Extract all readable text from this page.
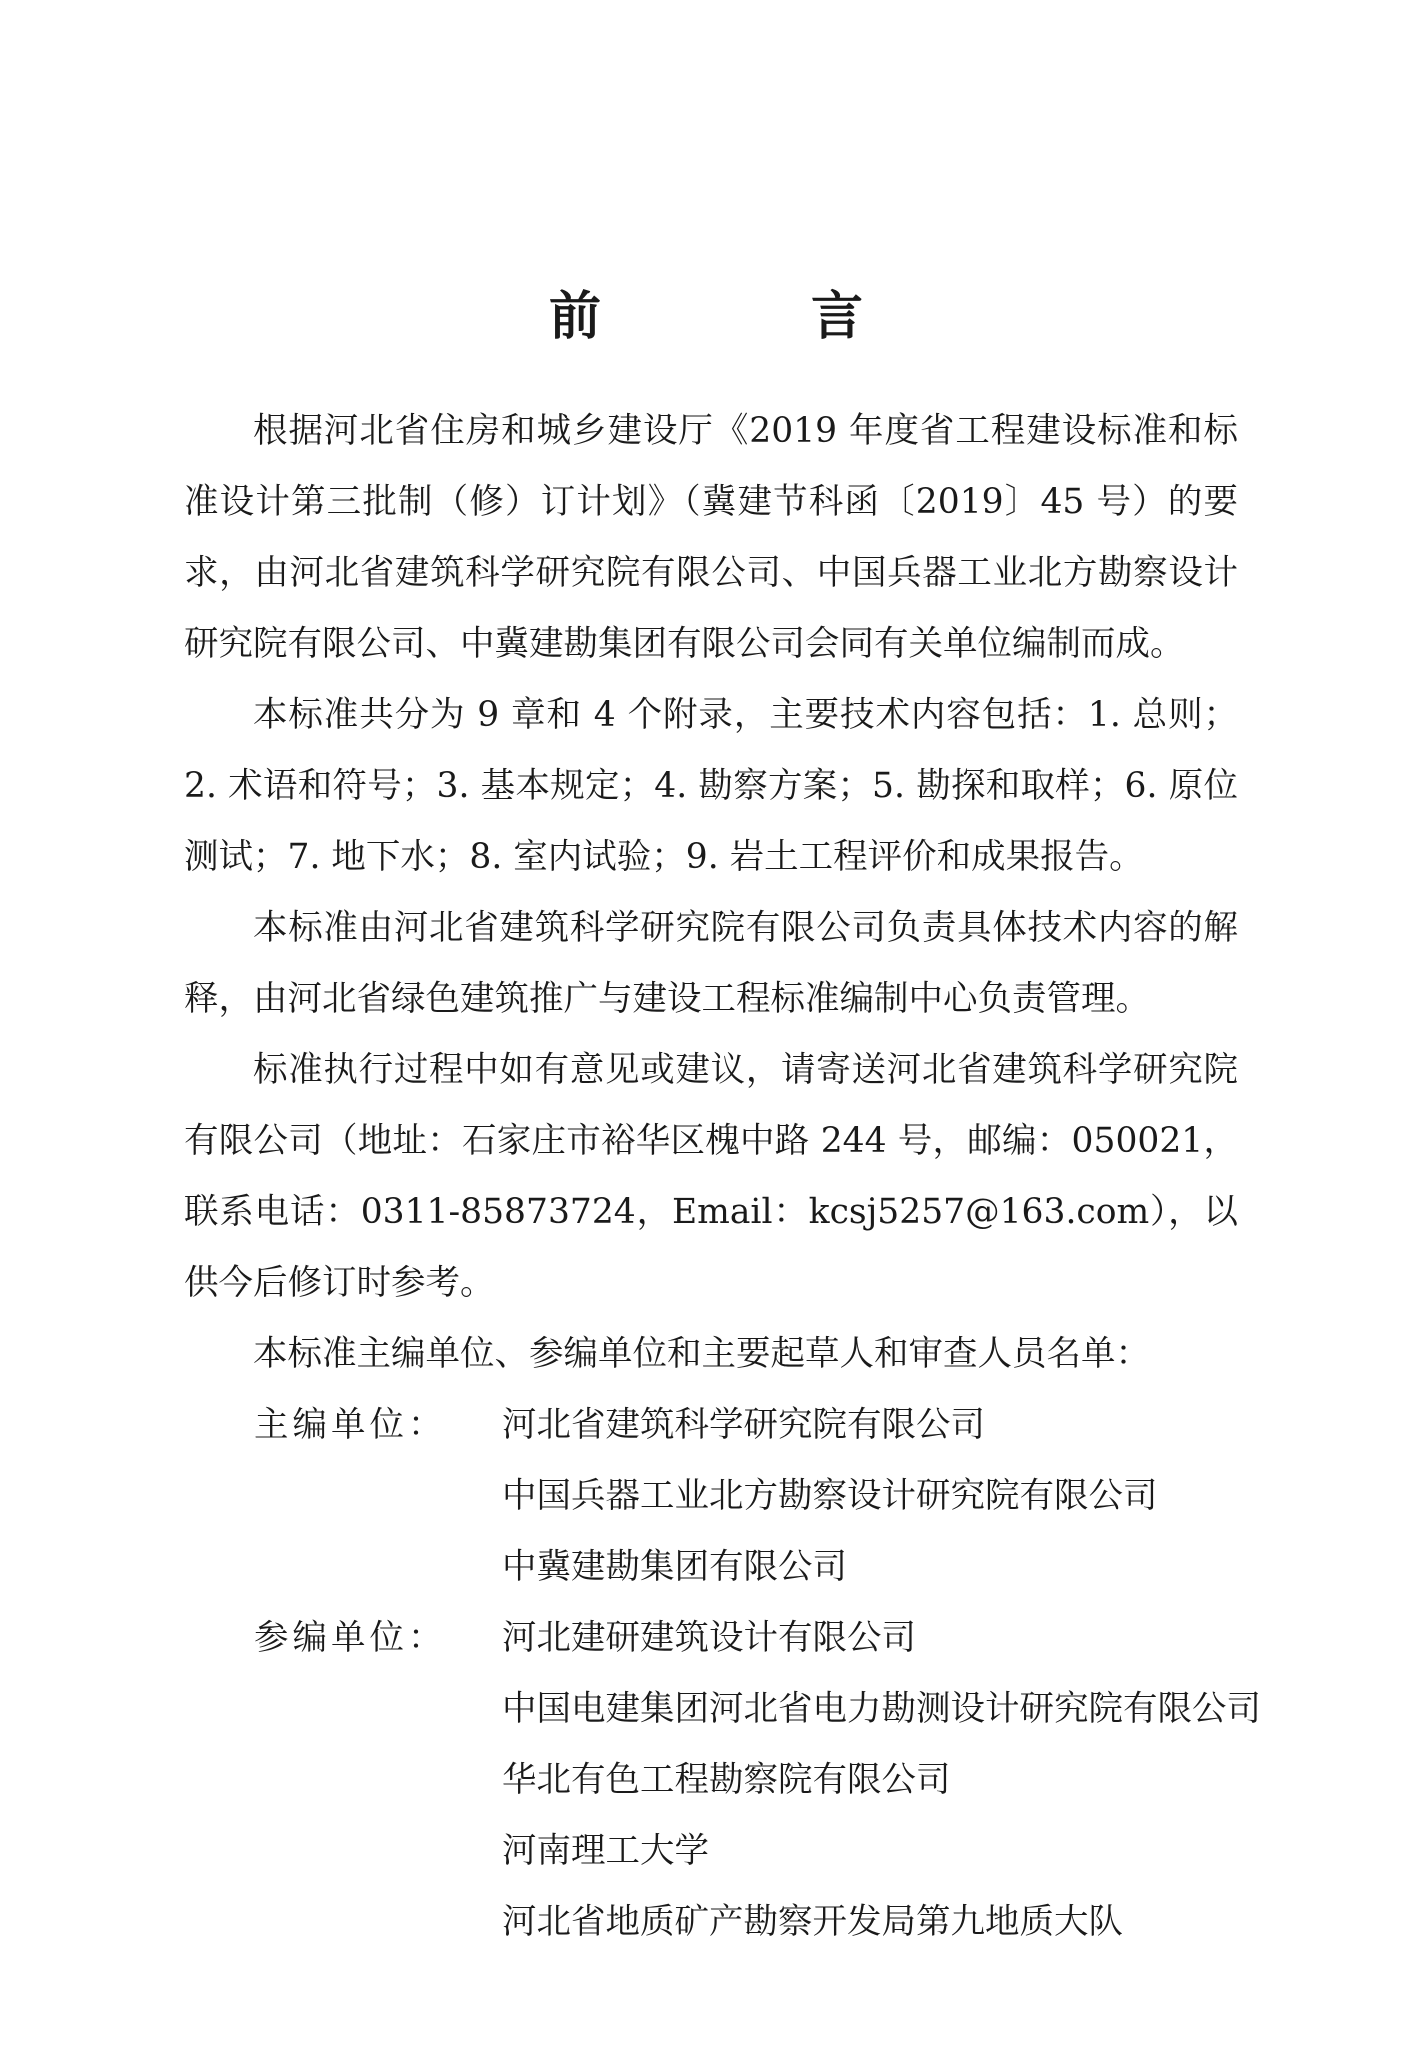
前 言

根据河北省住房和城乡建设厅《2019 年度省工程建设标准和标准设计第三批制（修）订计划》（冀建节科函〔2019〕45 号）的要求，由河北省建筑科学研究院有限公司、中国兵器工业北方勘察设计研究院有限公司、中冀建勘集团有限公司会同有关单位编制而成。

本标准共分为 9 章和 4 个附录，主要技术内容包括：1. 总则；2. 术语和符号；3. 基本规定；4. 勘察方案；5. 勘探和取样；6. 原位测试；7. 地下水；8. 室内试验；9. 岩土工程评价和成果报告。

本标准由河北省建筑科学研究院有限公司负责具体技术内容的解释，由河北省绿色建筑推广与建设工程标准编制中心负责管理。

标准执行过程中如有意见或建议，请寄送河北省建筑科学研究院有限公司（地址：石家庄市裕华区槐中路 244 号，邮编：050021，联系电话：0311-85873724，Email：kcsj5257@163.com），以供今后修订时参考。

本标准主编单位、参编单位和主要起草人和审查人员名单：

主编单位：	河北省建筑科学研究院有限公司
中国兵器工业北方勘察设计研究院有限公司
中冀建勘集团有限公司
参编单位：	河北建研建筑设计有限公司
中国电建集团河北省电力勘测设计研究院有限公司
华北有色工程勘察院有限公司
河南理工大学
河北省地质矿产勘察开发局第九地质大队
